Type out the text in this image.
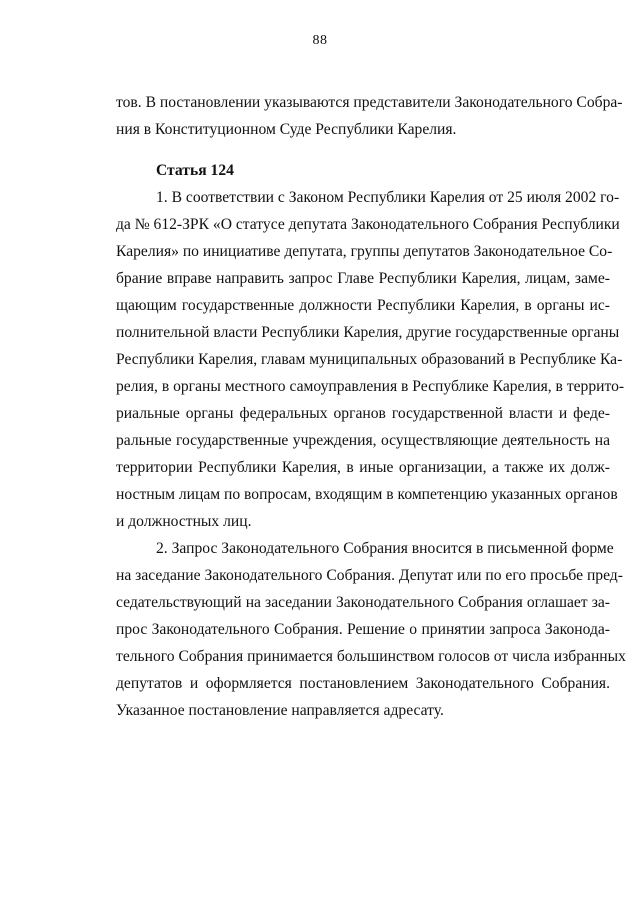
88
тов. В постановлении указываются представители Законодательного Собра-
ния в Конституционном Суде Республики Карелия.
Статья 124
1. В соответствии с Законом Республики Карелия от 25 июля 2002 го-
да № 612-ЗРК «О статусе депутата Законодательного Собрания Республики
Карелия» по инициативе депутата, группы депутатов Законодательное Со-
брание вправе направить запрос Главе Республики Карелия, лицам, заме-
щающим государственные должности Республики Карелия, в органы ис-
полнительной власти Республики Карелия, другие государственные органы
Республики Карелия, главам муниципальных образований в Республике Ка-
релия, в органы местного самоуправления в Республике Карелия, в террито-
риальные органы федеральных органов государственной власти и феде-
ральные государственные учреждения, осуществляющие деятельность на
территории Республики Карелия, в иные организации, а также их долж-
ностным лицам по вопросам, входящим в компетенцию указанных органов
и должностных лиц.
2. Запрос Законодательного Собрания вносится в письменной форме
на заседание Законодательного Собрания. Депутат или по его просьбе пред-
седательствующий на заседании Законодательного Собрания оглашает за-
прос Законодательного Собрания. Решение о принятии запроса Законода-
тельного Собрания принимается большинством голосов от числа избранных
депутатов и оформляется постановлением Законодательного Собрания.
Указанное постановление направляется адресату.
